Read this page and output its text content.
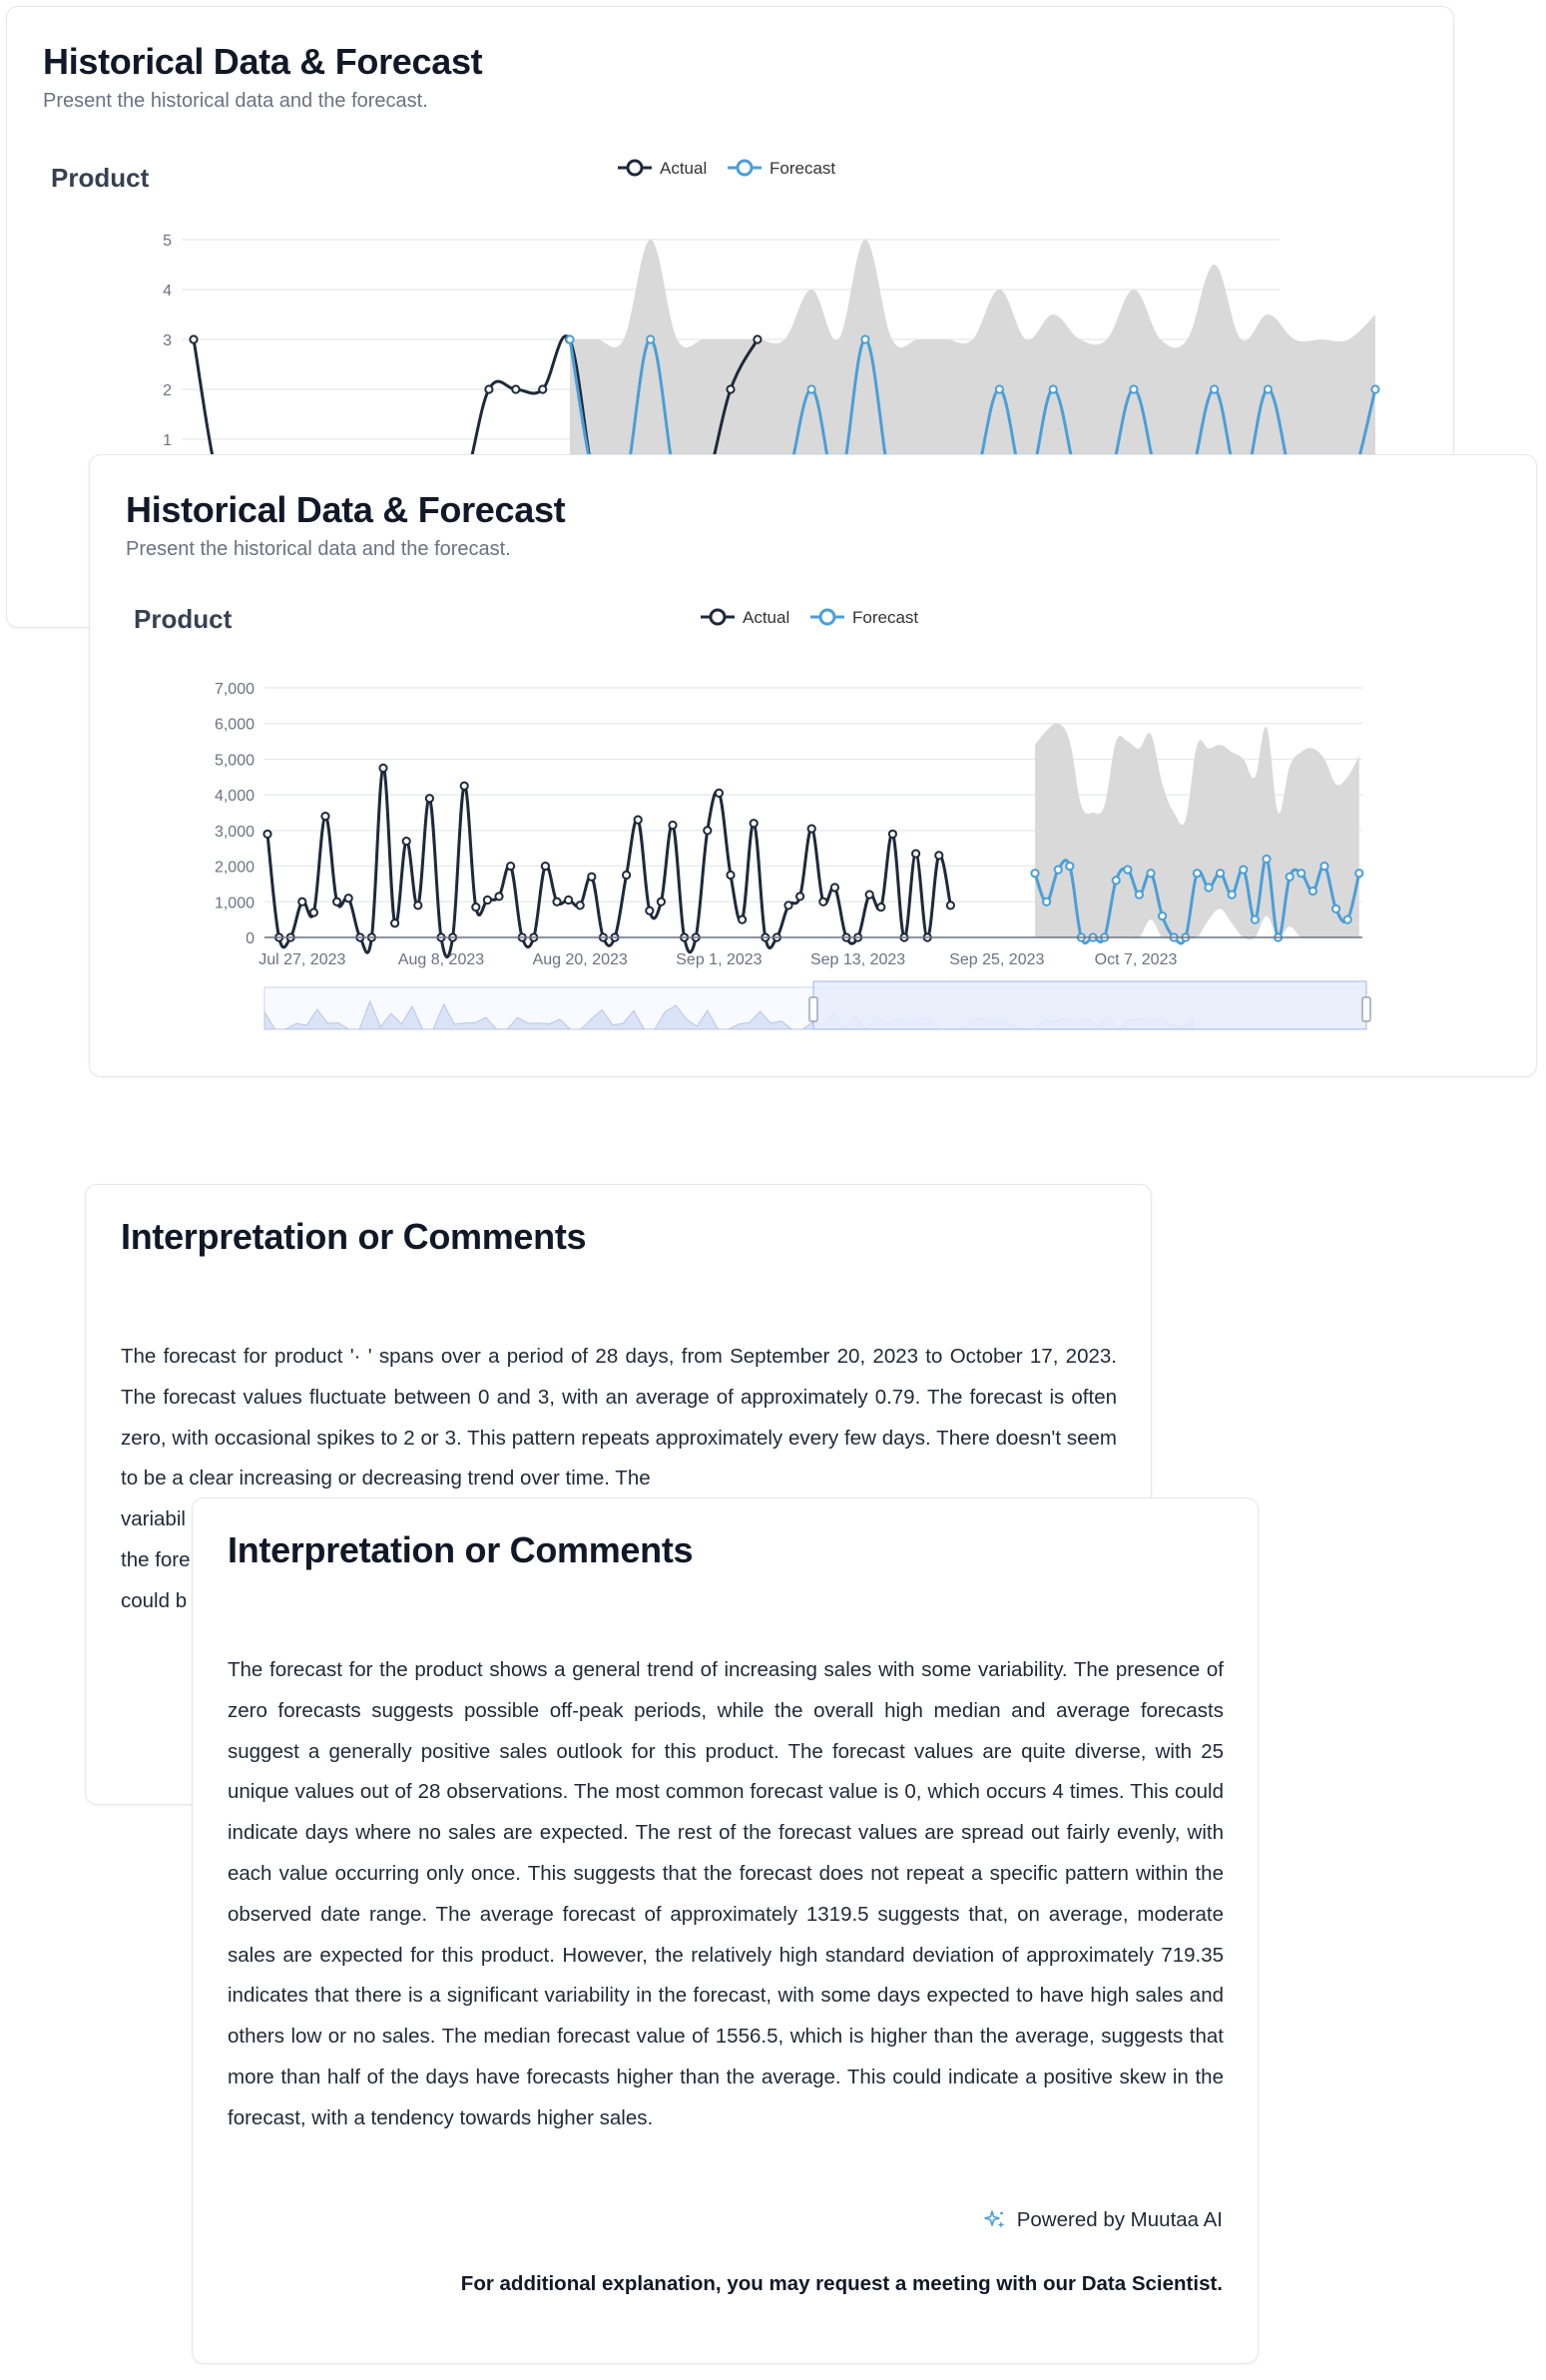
Historical Data & Forecast

Present the historical data and the forecast.

Product	Actual	Forecast
1
2
3
4
5
Historical Data & Forecast

Present the historical data and the forecast.

Product	Actual	Forecast
0
1,000
2,000
3,000
4,000
5,000
6,000
7,000
Jul 27, 2023	Aug 8, 2023	Aug 20, 2023	Sep 1, 2023	Sep 13, 2023	Sep 25, 2023	Oct 7, 2023
Interpretation or Comments

The forecast for product '· ' spans over a period of 28 days, from September 20, 2023 to October 17, 2023. The forecast values fluctuate between 0 and 3, with an average of approximately 0.79. The forecast is often zero, with occasional spikes to 2 or 3. This pattern repeats approximately every few days. There doesn't seem to be a clear increasing or decreasing trend over time. The

variabil
the fore
could b
Interpretation or Comments

The forecast for the product shows a general trend of increasing sales with some variability. The presence of zero forecasts suggests possible off-peak periods, while the overall high median and average forecasts suggest a generally positive sales outlook for this product. The forecast values are quite diverse, with 25 unique values out of 28 observations. The most common forecast value is 0, which occurs 4 times. This could indicate days where no sales are expected. The rest of the forecast values are spread out fairly evenly, with each value occurring only once. This suggests that the forecast does not repeat a specific pattern within the observed date range. The average forecast of approximately 1319.5 suggests that, on average, moderate sales are expected for this product. However, the relatively high standard deviation of approximately 719.35 indicates that there is a significant variability in the forecast, with some days expected to have high sales and others low or no sales. The median forecast value of 1556.5, which is higher than the average, suggests that more than half of the days have forecasts higher than the average. This could indicate a positive skew in the forecast, with a tendency towards higher sales.

Powered by Muutaa AI
For additional explanation, you may request a meeting with our Data Scientist.
